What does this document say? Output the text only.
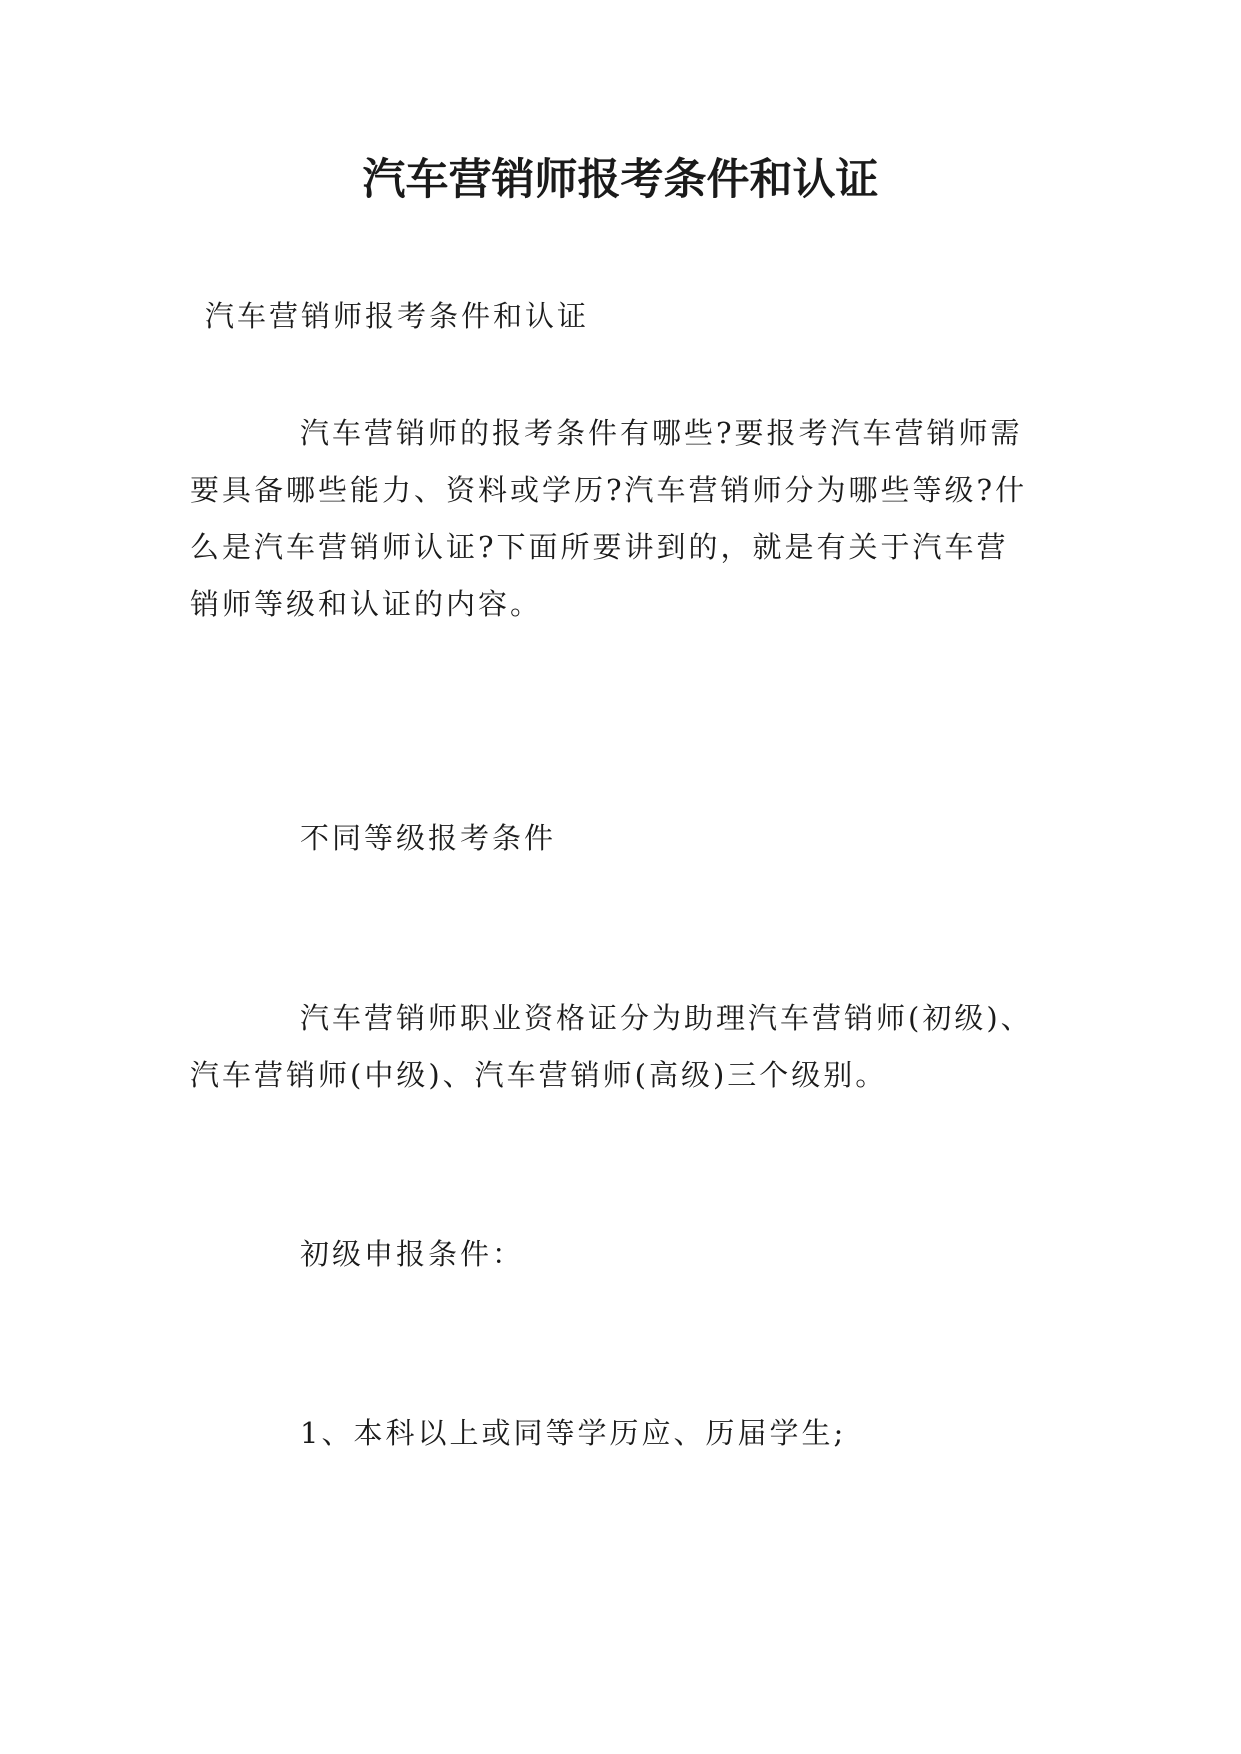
汽车营销师报考条件和认证
汽车营销师报考条件和认证
汽车营销师的报考条件有哪些?要报考汽车营销师需
要具备哪些能力、资料或学历?汽车营销师分为哪些等级?什
么是汽车营销师认证?下面所要讲到的，就是有关于汽车营
销师等级和认证的内容。
不同等级报考条件
汽车营销师职业资格证分为助理汽车营销师(初级)、
汽车营销师(中级)、汽车营销师(高级)三个级别。
初级申报条件：
1、本科以上或同等学历应、历届学生;
